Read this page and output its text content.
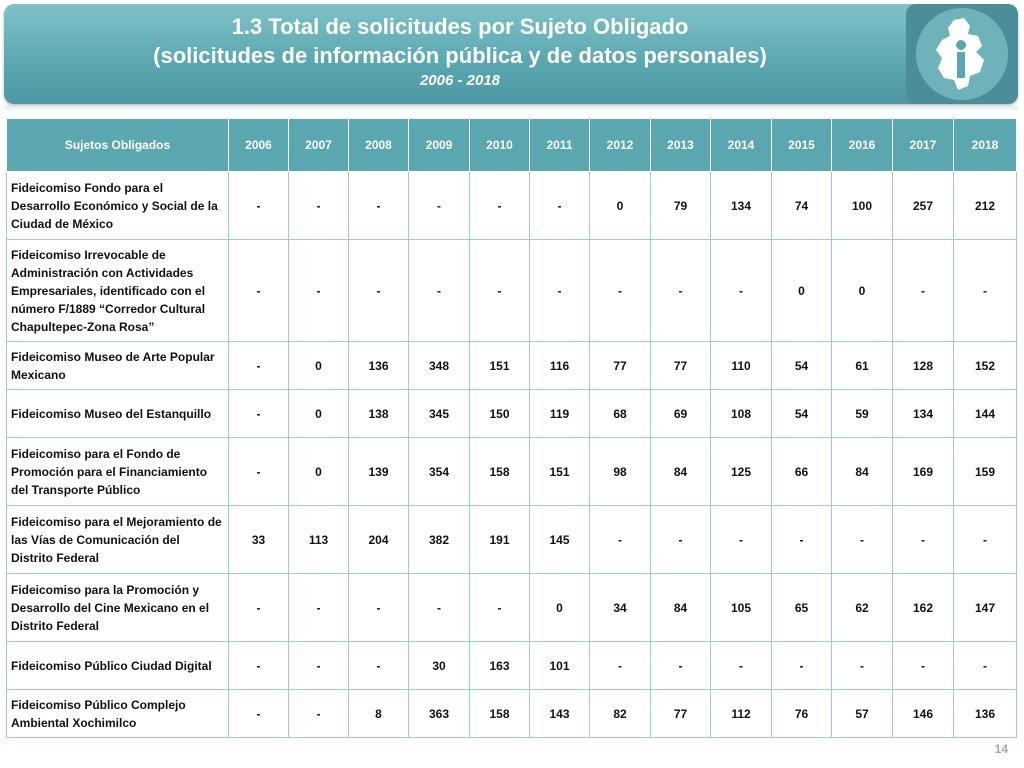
1.3 Total de solicitudes por Sujeto Obligado
(solicitudes de información pública y de datos personales)
2006 - 2018
Sujetos Obligados	2006	2007	2008	2009	2010	2011	2012	2013	2014	2015	2016	2017	2018
Fideicomiso Fondo para el Desarrollo Económico y Social de la Ciudad de México	-	-	-	-	-	-	0	79	134	74	100	257	212
Fideicomiso Irrevocable de Administración con Actividades Empresariales, identificado con el número F/1889 “Corredor Cultural Chapultepec-Zona Rosa”	-	-	-	-	-	-	-	-	-	0	0	-	-
Fideicomiso Museo de Arte Popular Mexicano	-	0	136	348	151	116	77	77	110	54	61	128	152
Fideicomiso Museo del Estanquillo	-	0	138	345	150	119	68	69	108	54	59	134	144
Fideicomiso para el Fondo de Promoción para el Financiamiento del Transporte Público	-	0	139	354	158	151	98	84	125	66	84	169	159
Fideicomiso para el Mejoramiento de las Vías de Comunicación del Distrito Federal	33	113	204	382	191	145	-	-	-	-	-	-	-
Fideicomiso para la Promoción y Desarrollo del Cine Mexicano en el Distrito Federal	-	-	-	-	-	0	34	84	105	65	62	162	147
Fideicomiso Público Ciudad Digital	-	-	-	30	163	101	-	-	-	-	-	-	-
Fideicomiso Público Complejo Ambiental Xochimilco	-	-	8	363	158	143	82	77	112	76	57	146	136
14
